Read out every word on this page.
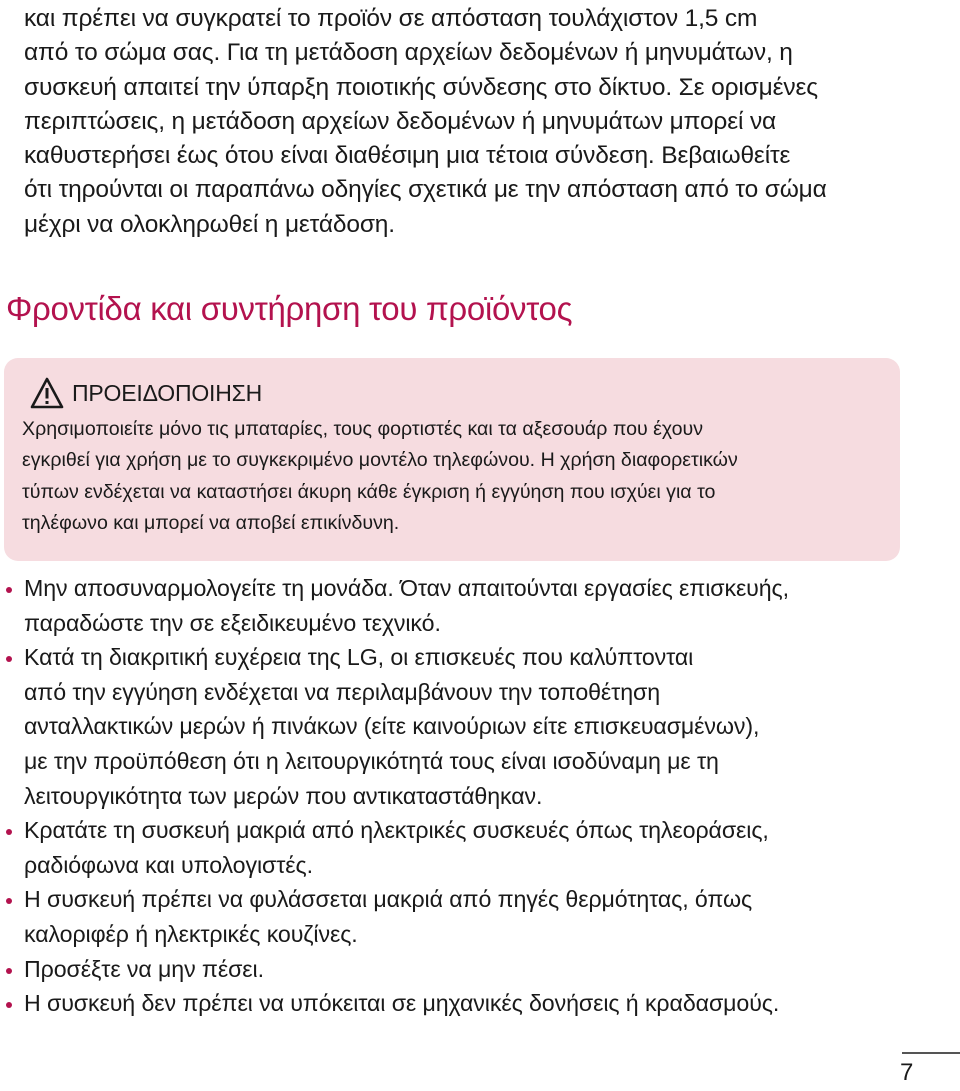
και πρέπει να συγκρατεί το προϊόν σε απόσταση τουλάχιστον 1,5 cm
από το σώμα σας. Για τη μετάδοση αρχείων δεδομένων ή μηνυμάτων, η
συσκευή απαιτεί την ύπαρξη ποιοτικής σύνδεσης στο δίκτυο. Σε ορισμένες
περιπτώσεις, η μετάδοση αρχείων δεδομένων ή μηνυμάτων μπορεί να
καθυστερήσει έως ότου είναι διαθέσιμη μια τέτοια σύνδεση. Βεβαιωθείτε
ότι τηρούνται οι παραπάνω οδηγίες σχετικά με την απόσταση από το σώμα
μέχρι να ολοκληρωθεί η μετάδοση.

Φροντίδα και συντήρηση του προϊόντος
ΠΡΟΕΙΔΟΠΟΙΗΣΗ

Χρησιμοποιείτε μόνο τις μπαταρίες, τους φορτιστές και τα αξεσουάρ που έχουν
εγκριθεί για χρήση με το συγκεκριμένο μοντέλο τηλεφώνου. Η χρήση διαφορετικών
τύπων ενδέχεται να καταστήσει άκυρη κάθε έγκριση ή εγγύηση που ισχύει για το
τηλέφωνο και μπορεί να αποβεί επικίνδυνη.

Μην αποσυναρμολογείτε τη μονάδα. Όταν απαιτούνται εργασίες επισκευής,
παραδώστε την σε εξειδικευμένο τεχνικό.
Κατά τη διακριτική ευχέρεια της LG, οι επισκευές που καλύπτονται
από την εγγύηση ενδέχεται να περιλαμβάνουν την τοποθέτηση
ανταλλακτικών μερών ή πινάκων (είτε καινούριων είτε επισκευασμένων),
με την προϋπόθεση ότι η λειτουργικότητά τους είναι ισοδύναμη με τη
λειτουργικότητα των μερών που αντικαταστάθηκαν.
Κρατάτε τη συσκευή μακριά από ηλεκτρικές συσκευές όπως τηλεοράσεις,
ραδιόφωνα και υπολογιστές.
Η συσκευή πρέπει να φυλάσσεται μακριά από πηγές θερμότητας, όπως
καλοριφέρ ή ηλεκτρικές κουζίνες.
Προσέξτε να μην πέσει.
Η συσκευή δεν πρέπει να υπόκειται σε μηχανικές δονήσεις ή κραδασμούς.
7
